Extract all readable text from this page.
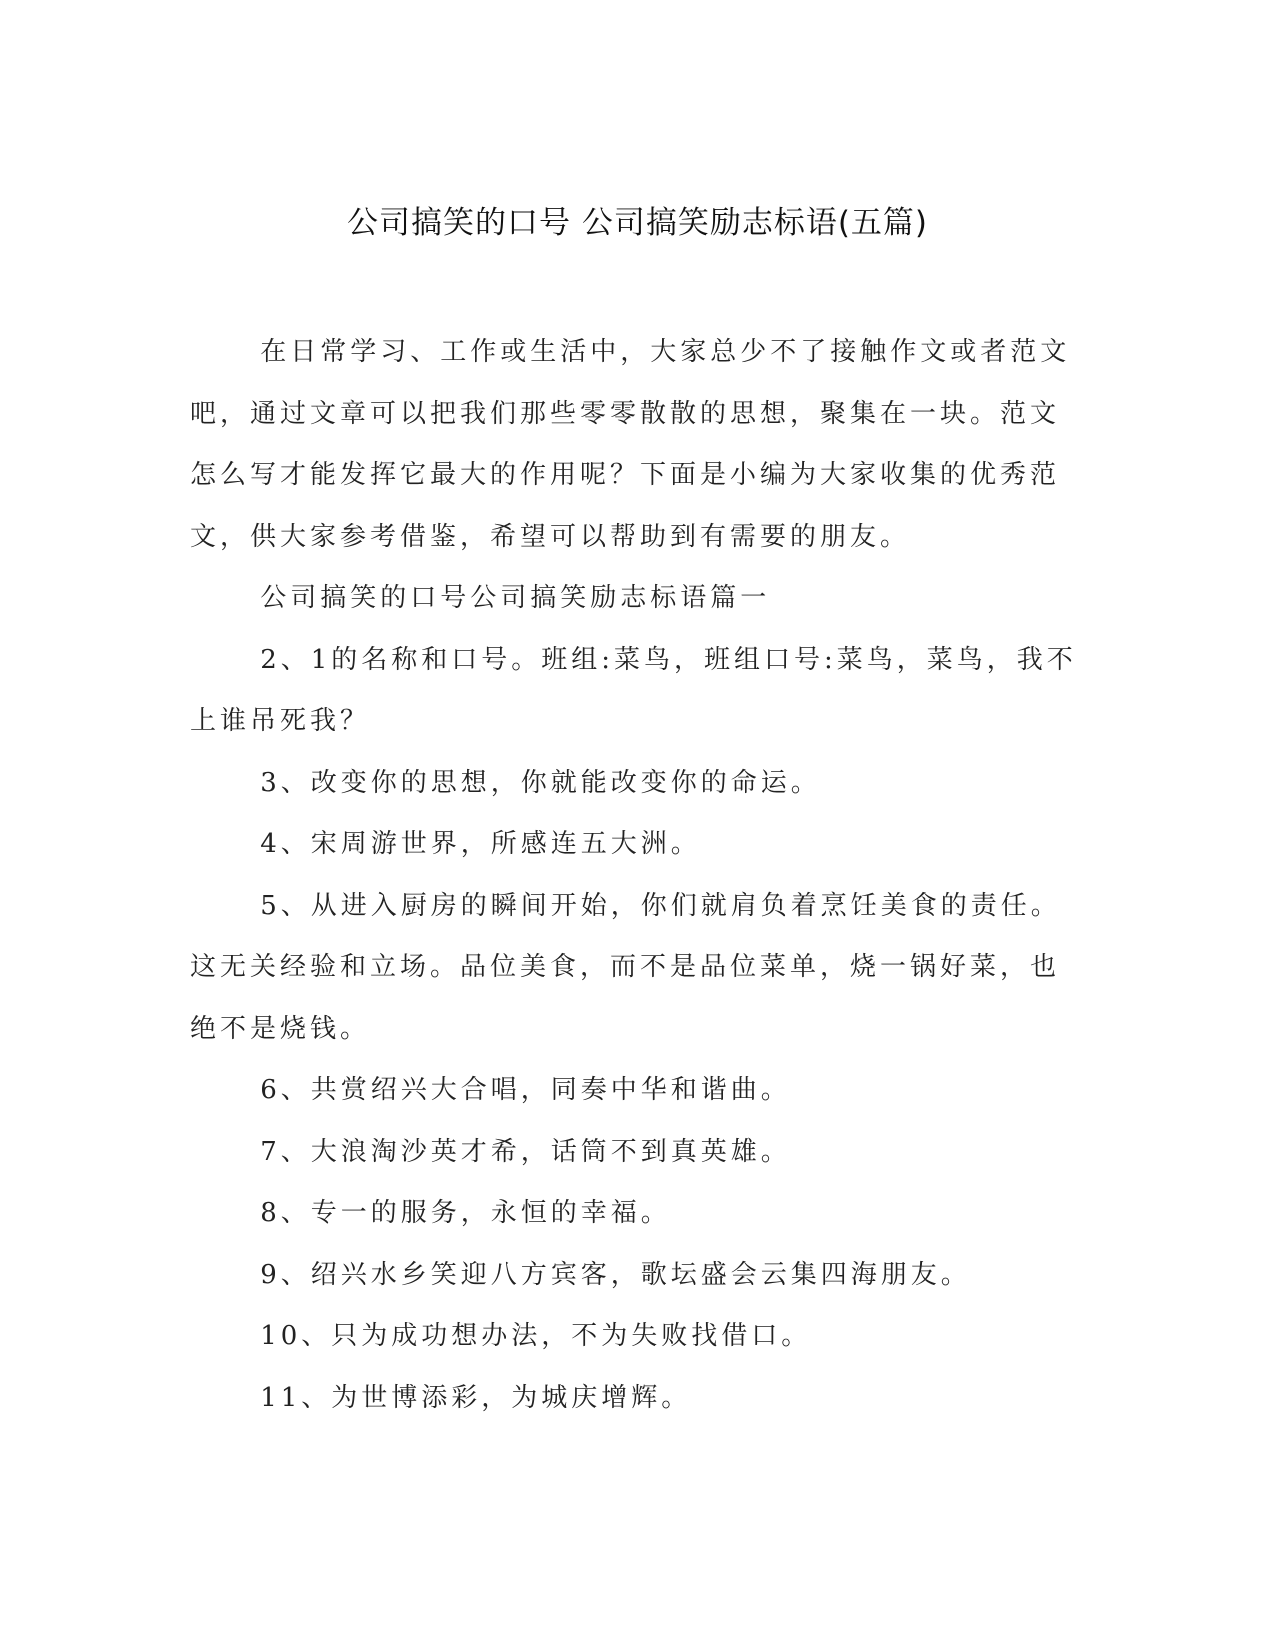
公司搞笑的口号 公司搞笑励志标语(五篇)

在日常学习、工作或生活中，大家总少不了接触作文或者范文吧，通过文章可以把我们那些零零散散的思想，聚集在一块。范文怎么写才能发挥它最大的作用呢？下面是小编为大家收集的优秀范文，供大家参考借鉴，希望可以帮助到有需要的朋友。

公司搞笑的口号公司搞笑励志标语篇一

2、1的名称和口号。班组:菜鸟，班组口号:菜鸟，菜鸟，我不上谁吊死我？

3、改变你的思想，你就能改变你的命运。

4、宋周游世界，所感连五大洲。

5、从进入厨房的瞬间开始，你们就肩负着烹饪美食的责任。这无关经验和立场。品位美食，而不是品位菜单，烧一锅好菜，也绝不是烧钱。

6、共赏绍兴大合唱，同奏中华和谐曲。

7、大浪淘沙英才希，话筒不到真英雄。

8、专一的服务，永恒的幸福。

9、绍兴水乡笑迎八方宾客，歌坛盛会云集四海朋友。

10、只为成功想办法，不为失败找借口。

11、为世博添彩，为城庆增辉。
